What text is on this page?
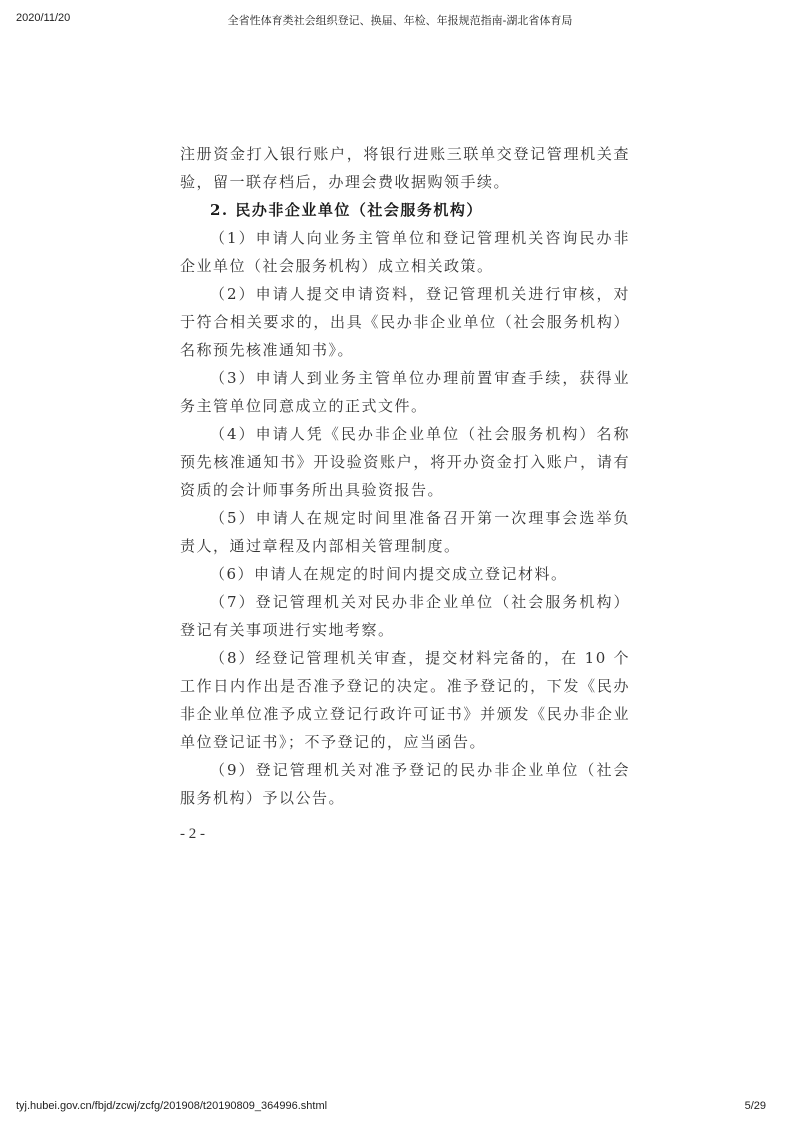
2020/11/20	全省性体育类社会组织登记、换届、年检、年报规范指南-湖北省体育局

注册资金打入银行账户，将银行进账三联单交登记管理机关查验，留一联存档后，办理会费收据购领手续。

2. 民办非企业单位（社会服务机构）

（1）申请人向业务主管单位和登记管理机关咨询民办非企业单位（社会服务机构）成立相关政策。

（2）申请人提交申请资料，登记管理机关进行审核，对于符合相关要求的，出具《民办非企业单位（社会服务机构）名称预先核准通知书》。

（3）申请人到业务主管单位办理前置审查手续，获得业务主管单位同意成立的正式文件。

（4）申请人凭《民办非企业单位（社会服务机构）名称预先核准通知书》开设验资账户，将开办资金打入账户，请有资质的会计师事务所出具验资报告。

（5）申请人在规定时间里准备召开第一次理事会选举负责人，通过章程及内部相关管理制度。

（6）申请人在规定的时间内提交成立登记材料。

（7）登记管理机关对民办非企业单位（社会服务机构）登记有关事项进行实地考察。

（8）经登记管理机关审查，提交材料完备的，在 10 个工作日内作出是否准予登记的决定。准予登记的，下发《民办非企业单位准予成立登记行政许可证书》并颁发《民办非企业单位登记证书》；不予登记的，应当函告。

（9）登记管理机关对准予登记的民办非企业单位（社会服务机构）予以公告。

- 2 -
tyj.hubei.gov.cn/fbjd/zcwj/zcfg/201908/t20190809_364996.shtml	5/29
